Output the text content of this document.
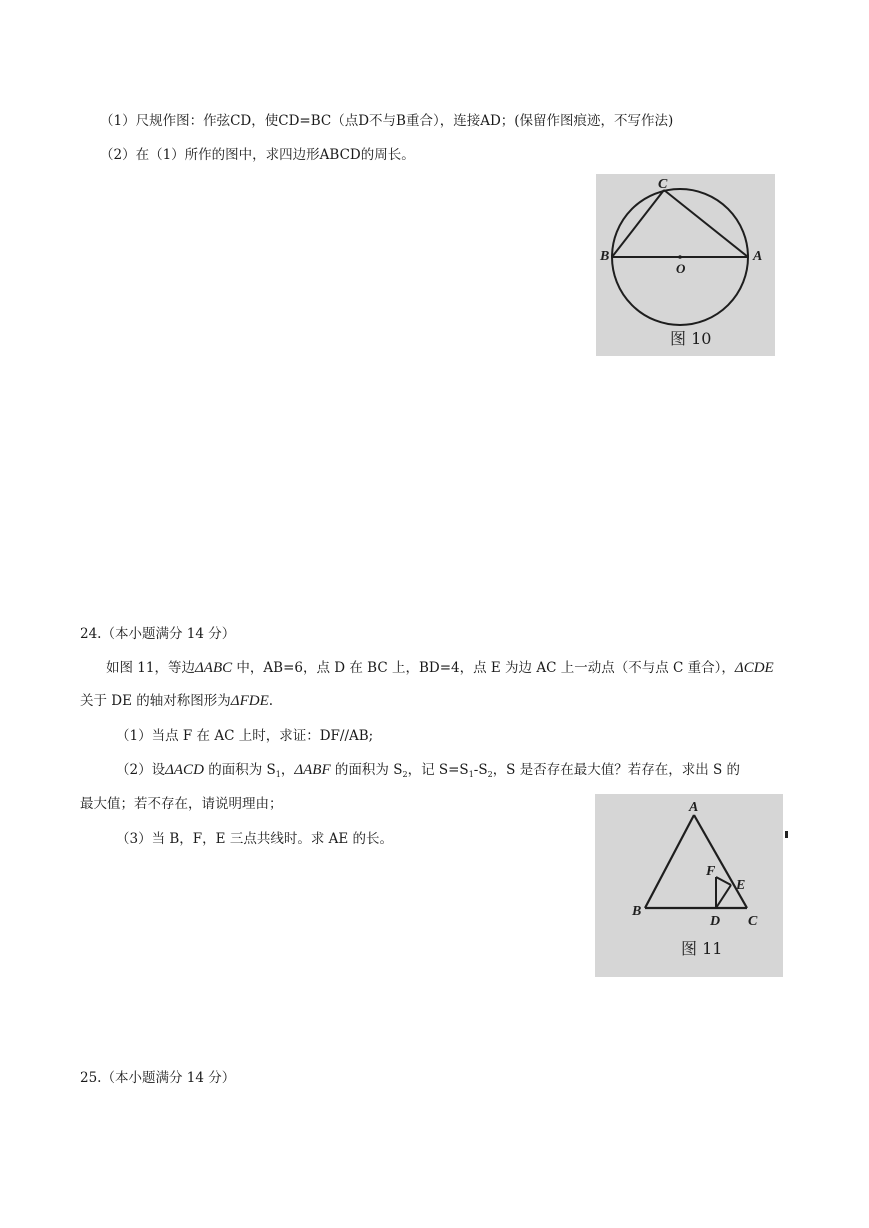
（1）尺规作图：作弦CD，使CD=BC（点D不与B重合），连接AD；(保留作图痕迹，不写作法)
（2）在（1）所作的图中，求四边形ABCD的周长。
C
B
O
A
图 10
24.（本小题满分 14 分）
如图 11，等边ΔABC 中，AB=6，点 D 在 BC 上，BD=4，点 E 为边 AC 上一动点（不与点 C 重合），ΔCDE
关于 DE 的轴对称图形为ΔFDE.
（1）当点 F 在 AC 上时，求证：DF//AB;
（2）设ΔACD 的面积为 $S_1$，ΔABF 的面积为 $S_2$，记 $S=S_1-S_2$，S 是否存在最大值？若存在，求出 S 的
最大值；若不存在，请说明理由；
（3）当 B，F，E 三点共线时。求 AE 的长。
A
F
E
B
D C
图 11
25.（本小题满分 14 分）
